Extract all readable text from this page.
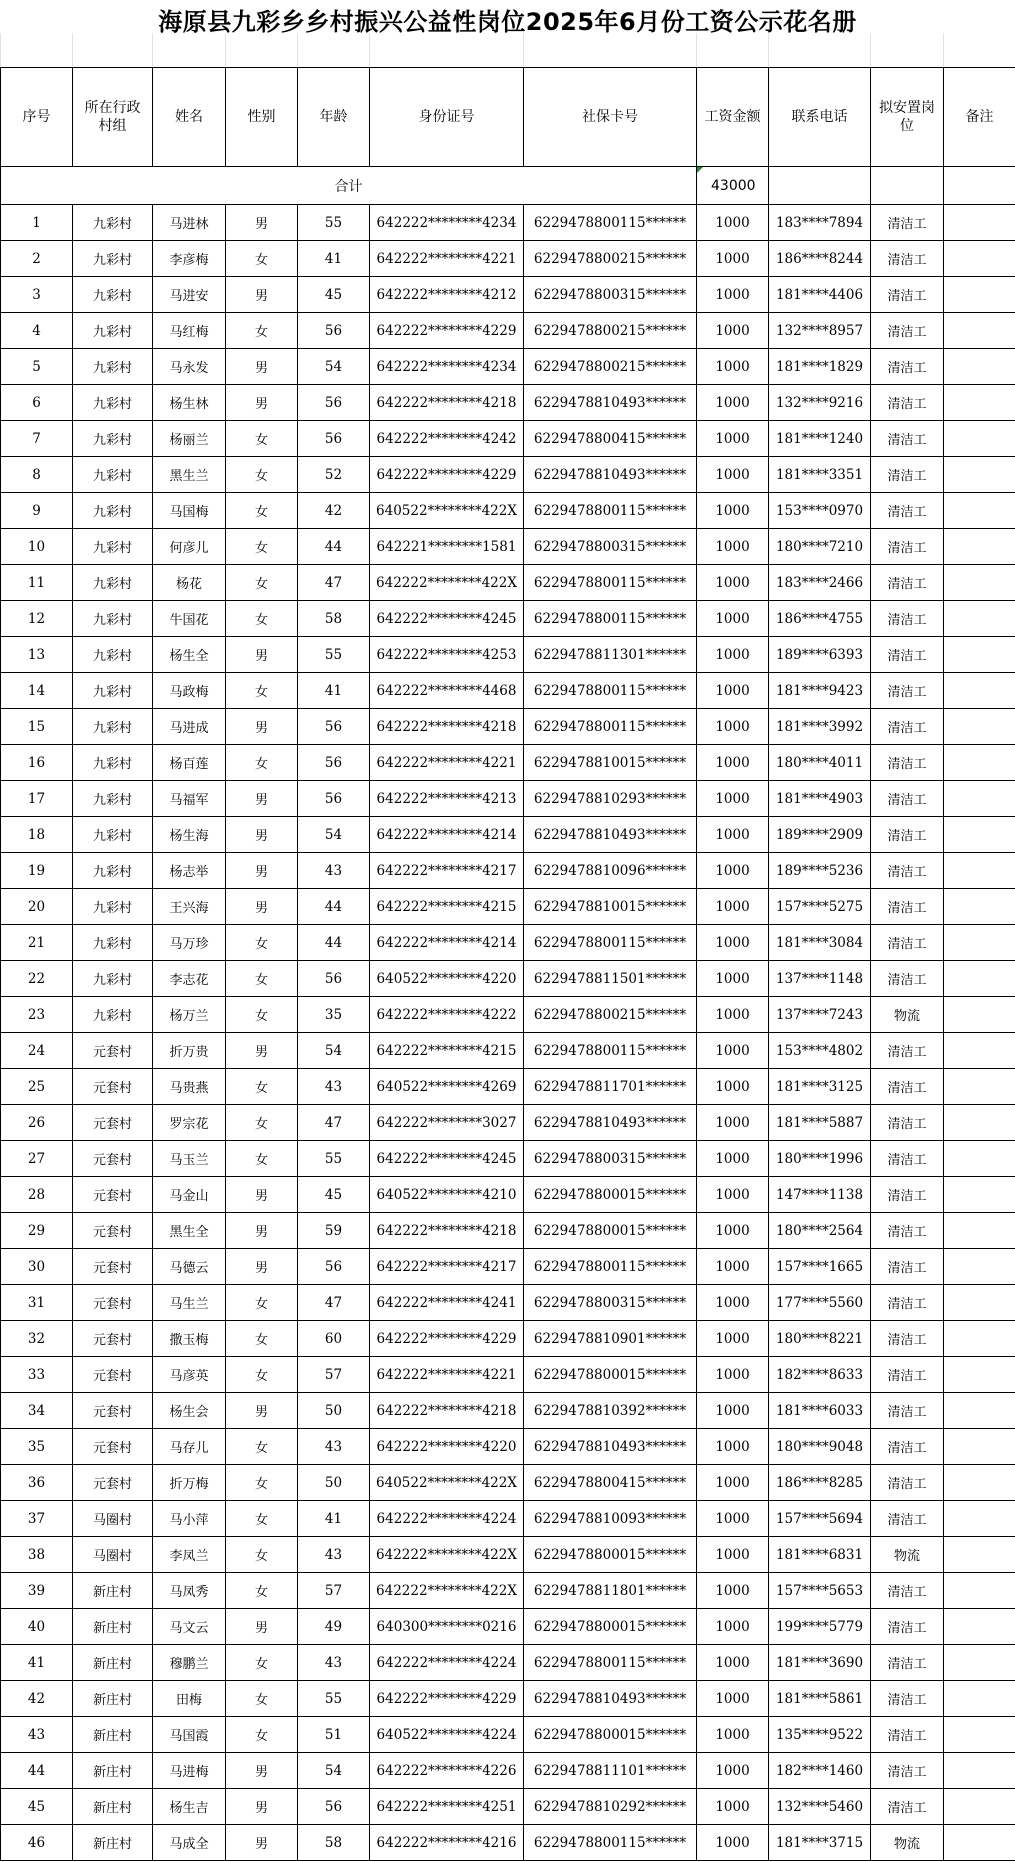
海原县九彩乡乡村振兴公益性岗位2025年6月份工资公示花名册

序号	所在行政村组	姓名	性别	年龄	身份证号	社保卡号	工资金额	联系电话	拟安置岗位	备注
合计							43000			
1	九彩村	马进林	男	55	642222********4234	6229478800115******	1000	183****7894	清洁工	
2	九彩村	李彦梅	女	41	642222********4221	6229478800215******	1000	186****8244	清洁工	
3	九彩村	马进安	男	45	642222********4212	6229478800315******	1000	181****4406	清洁工	
4	九彩村	马红梅	女	56	642222********4229	6229478800215******	1000	132****8957	清洁工	
5	九彩村	马永发	男	54	642222********4234	6229478800215******	1000	181****1829	清洁工	
6	九彩村	杨生林	男	56	642222********4218	6229478810493******	1000	132****9216	清洁工	
7	九彩村	杨丽兰	女	56	642222********4242	6229478800415******	1000	181****1240	清洁工	
8	九彩村	黑生兰	女	52	642222********4229	6229478810493******	1000	181****3351	清洁工	
9	九彩村	马国梅	女	42	640522********422X	6229478800115******	1000	153****0970	清洁工	
10	九彩村	何彦儿	女	44	642221********1581	6229478800315******	1000	180****7210	清洁工	
11	九彩村	杨花	女	47	642222********422X	6229478800115******	1000	183****2466	清洁工	
12	九彩村	牛国花	女	58	642222********4245	6229478800115******	1000	186****4755	清洁工	
13	九彩村	杨生全	男	55	642222********4253	6229478811301******	1000	189****6393	清洁工	
14	九彩村	马政梅	女	41	642222********4468	6229478800115******	1000	181****9423	清洁工	
15	九彩村	马进成	男	56	642222********4218	6229478800115******	1000	181****3992	清洁工	
16	九彩村	杨百莲	女	56	642222********4221	6229478810015******	1000	180****4011	清洁工	
17	九彩村	马福军	男	56	642222********4213	6229478810293******	1000	181****4903	清洁工	
18	九彩村	杨生海	男	54	642222********4214	6229478810493******	1000	189****2909	清洁工	
19	九彩村	杨志举	男	43	642222********4217	6229478810096******	1000	189****5236	清洁工	
20	九彩村	王兴海	男	44	642222********4215	6229478810015******	1000	157****5275	清洁工	
21	九彩村	马万珍	女	44	642222********4214	6229478800115******	1000	181****3084	清洁工	
22	九彩村	李志花	女	56	640522********4220	6229478811501******	1000	137****1148	清洁工	
23	九彩村	杨万兰	女	35	642222********4222	6229478800215******	1000	137****7243	物流	
24	元套村	折万贵	男	54	642222********4215	6229478800115******	1000	153****4802	清洁工	
25	元套村	马贵燕	女	43	640522********4269	6229478811701******	1000	181****3125	清洁工	
26	元套村	罗宗花	女	47	642222********3027	6229478810493******	1000	181****5887	清洁工	
27	元套村	马玉兰	女	55	642222********4245	6229478800315******	1000	180****1996	清洁工	
28	元套村	马金山	男	45	640522********4210	6229478800015******	1000	147****1138	清洁工	
29	元套村	黑生全	男	59	642222********4218	6229478800015******	1000	180****2564	清洁工	
30	元套村	马德云	男	56	642222********4217	6229478800115******	1000	157****1665	清洁工	
31	元套村	马生兰	女	47	642222********4241	6229478800315******	1000	177****5560	清洁工	
32	元套村	撒玉梅	女	60	642222********4229	6229478810901******	1000	180****8221	清洁工	
33	元套村	马彦英	女	57	642222********4221	6229478800015******	1000	182****8633	清洁工	
34	元套村	杨生会	男	50	642222********4218	6229478810392******	1000	181****6033	清洁工	
35	元套村	马存儿	女	43	642222********4220	6229478810493******	1000	180****9048	清洁工	
36	元套村	折万梅	女	50	640522********422X	6229478800415******	1000	186****8285	清洁工	
37	马圈村	马小萍	女	41	642222********4224	6229478810093******	1000	157****5694	清洁工	
38	马圈村	李凤兰	女	43	642222********422X	6229478800015******	1000	181****6831	物流	
39	新庄村	马凤秀	女	57	642222********422X	6229478811801******	1000	157****5653	清洁工	
40	新庄村	马文云	男	49	640300********0216	6229478800015******	1000	199****5779	清洁工	
41	新庄村	穆鹏兰	女	43	642222********4224	6229478800115******	1000	181****3690	清洁工	
42	新庄村	田梅	女	55	642222********4229	6229478810493******	1000	181****5861	清洁工	
43	新庄村	马国霞	女	51	640522********4224	6229478800015******	1000	135****9522	清洁工	
44	新庄村	马进梅	男	54	642222********4226	6229478811101******	1000	182****1460	清洁工	
45	新庄村	杨生吉	男	56	642222********4251	6229478810292******	1000	132****5460	清洁工	
46	新庄村	马成全	男	58	642222********4216	6229478800115******	1000	181****3715	物流	
